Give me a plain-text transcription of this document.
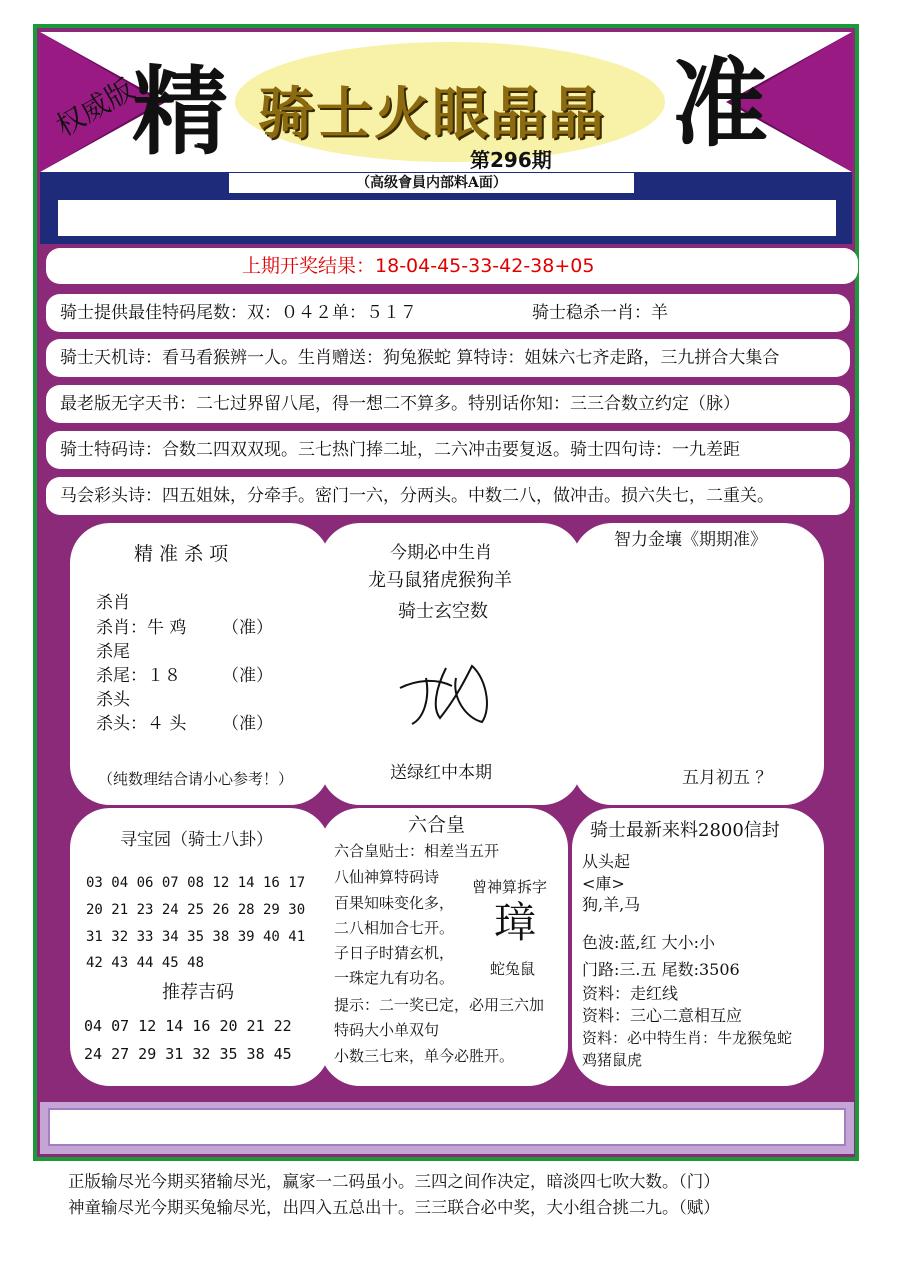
权威版
精 骑士火眼晶晶 准
第296期
（高级會員内部料A面）
上期开奖结果： 18-04-45-33-42-38+05
骑士提供最佳特码尾数：双：０４２单：５１７	骑士稳杀一肖：羊
骑士天机诗：看马看猴辨一人。生肖赠送：狗兔猴蛇 算特诗：姐妹六七齐走路，三九拼合大集合
最老版无字天书：二七过界留八尾，得一想二不算多。特别话你知：三三合数立约定（脉）
骑士特码诗：合数二四双双现。三七热门捧二址，二六冲击要复返。骑士四句诗：一九差距
马会彩头诗：四五姐妹，分牵手。密门一六，分两头。中数二八，做冲击。损六失七，二重关。
精 准 杀 项
杀肖
杀肖：牛 鸡 （准）
杀尾
杀尾：１８ （准）
杀头
杀头：４ 头 （准）
（纯数理结合请小心参考！）
今期必中生肖
龙马鼠猪虎猴狗羊
骑士玄空数
送绿红中本期
智力金壤《期期准》
五月初五 ？
寻宝园（骑士八卦）
03 04 06 07 08 12 14 16 17
20 21 23 24 25 26 28 29 30
31 32 33 34 35 38 39 40 41
42 43 44 45 48
推荐吉码
04 07 12 14 16 20 21 22
24 27 29 31 32 35 38 45
六合皇
六合皇贴士：相差当五开
八仙神算特码诗
百果知味变化多，
二八相加合七开。
子日子时猜玄机，
一珠定九有功名。
提示：二一奖已定，必用三六加
特码大小单双句
小数三七来，单今必胜开。
曾神算拆字
璋
蛇兔鼠
骑士最新来料2800信封
从头起
<庫>
狗,羊,马
色波:蓝,红 大小:小
门路:三.五 尾数:3506
资料：走红线
资料：三心二意相互应
资料：必中特生肖：牛龙猴兔蛇
鸡猪鼠虎
正版输尽光今期买猪输尽光，赢家一二码虽小。三四之间作决定，暗淡四七吹大数。（门）
神童输尽光今期买兔输尽光，出四入五总出十。三三联合必中奖，大小组合挑二九。（赋）
